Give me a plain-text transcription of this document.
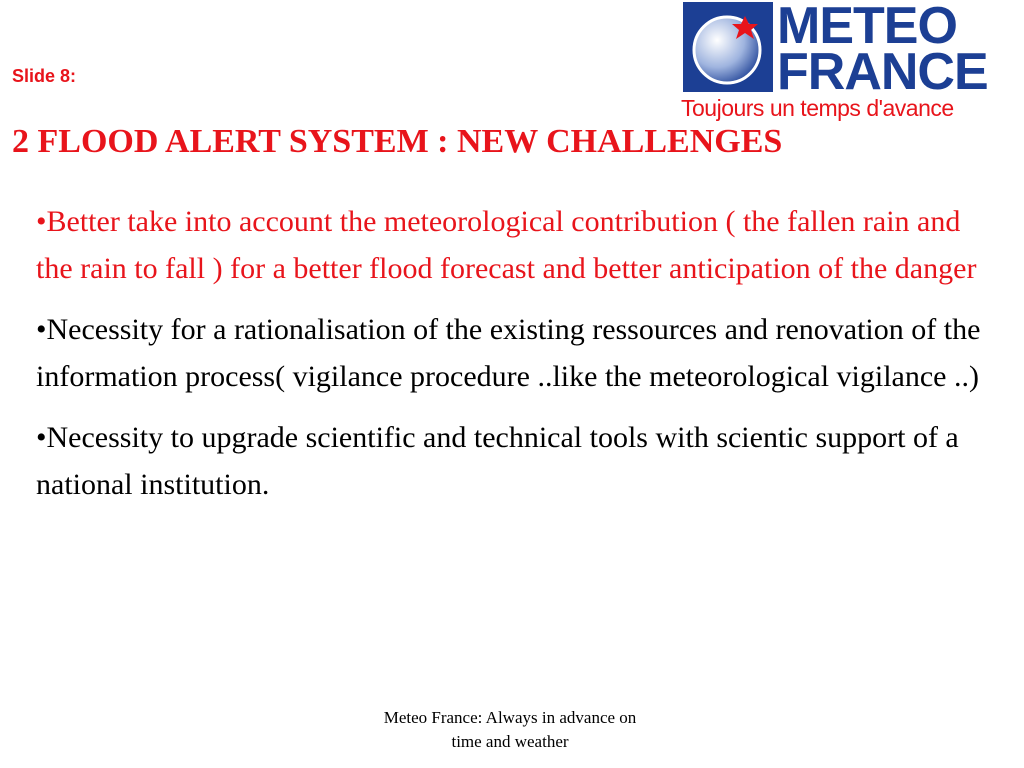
Slide 8:

METEO
FRANCE
Toujours un temps d'avance
2 FLOOD ALERT SYSTEM : NEW CHALLENGES
•Better take into account the meteorological contribution ( the fallen rain and the rain to fall ) for a better flood forecast and better anticipation of the danger
•Necessity for a rationalisation of the existing ressources and renovation of the information process( vigilance procedure ..like the meteorological vigilance ..)
•Necessity to upgrade scientific and technical tools with scientic support of a national institution.
Meteo France: Always in advance on
time and weather
